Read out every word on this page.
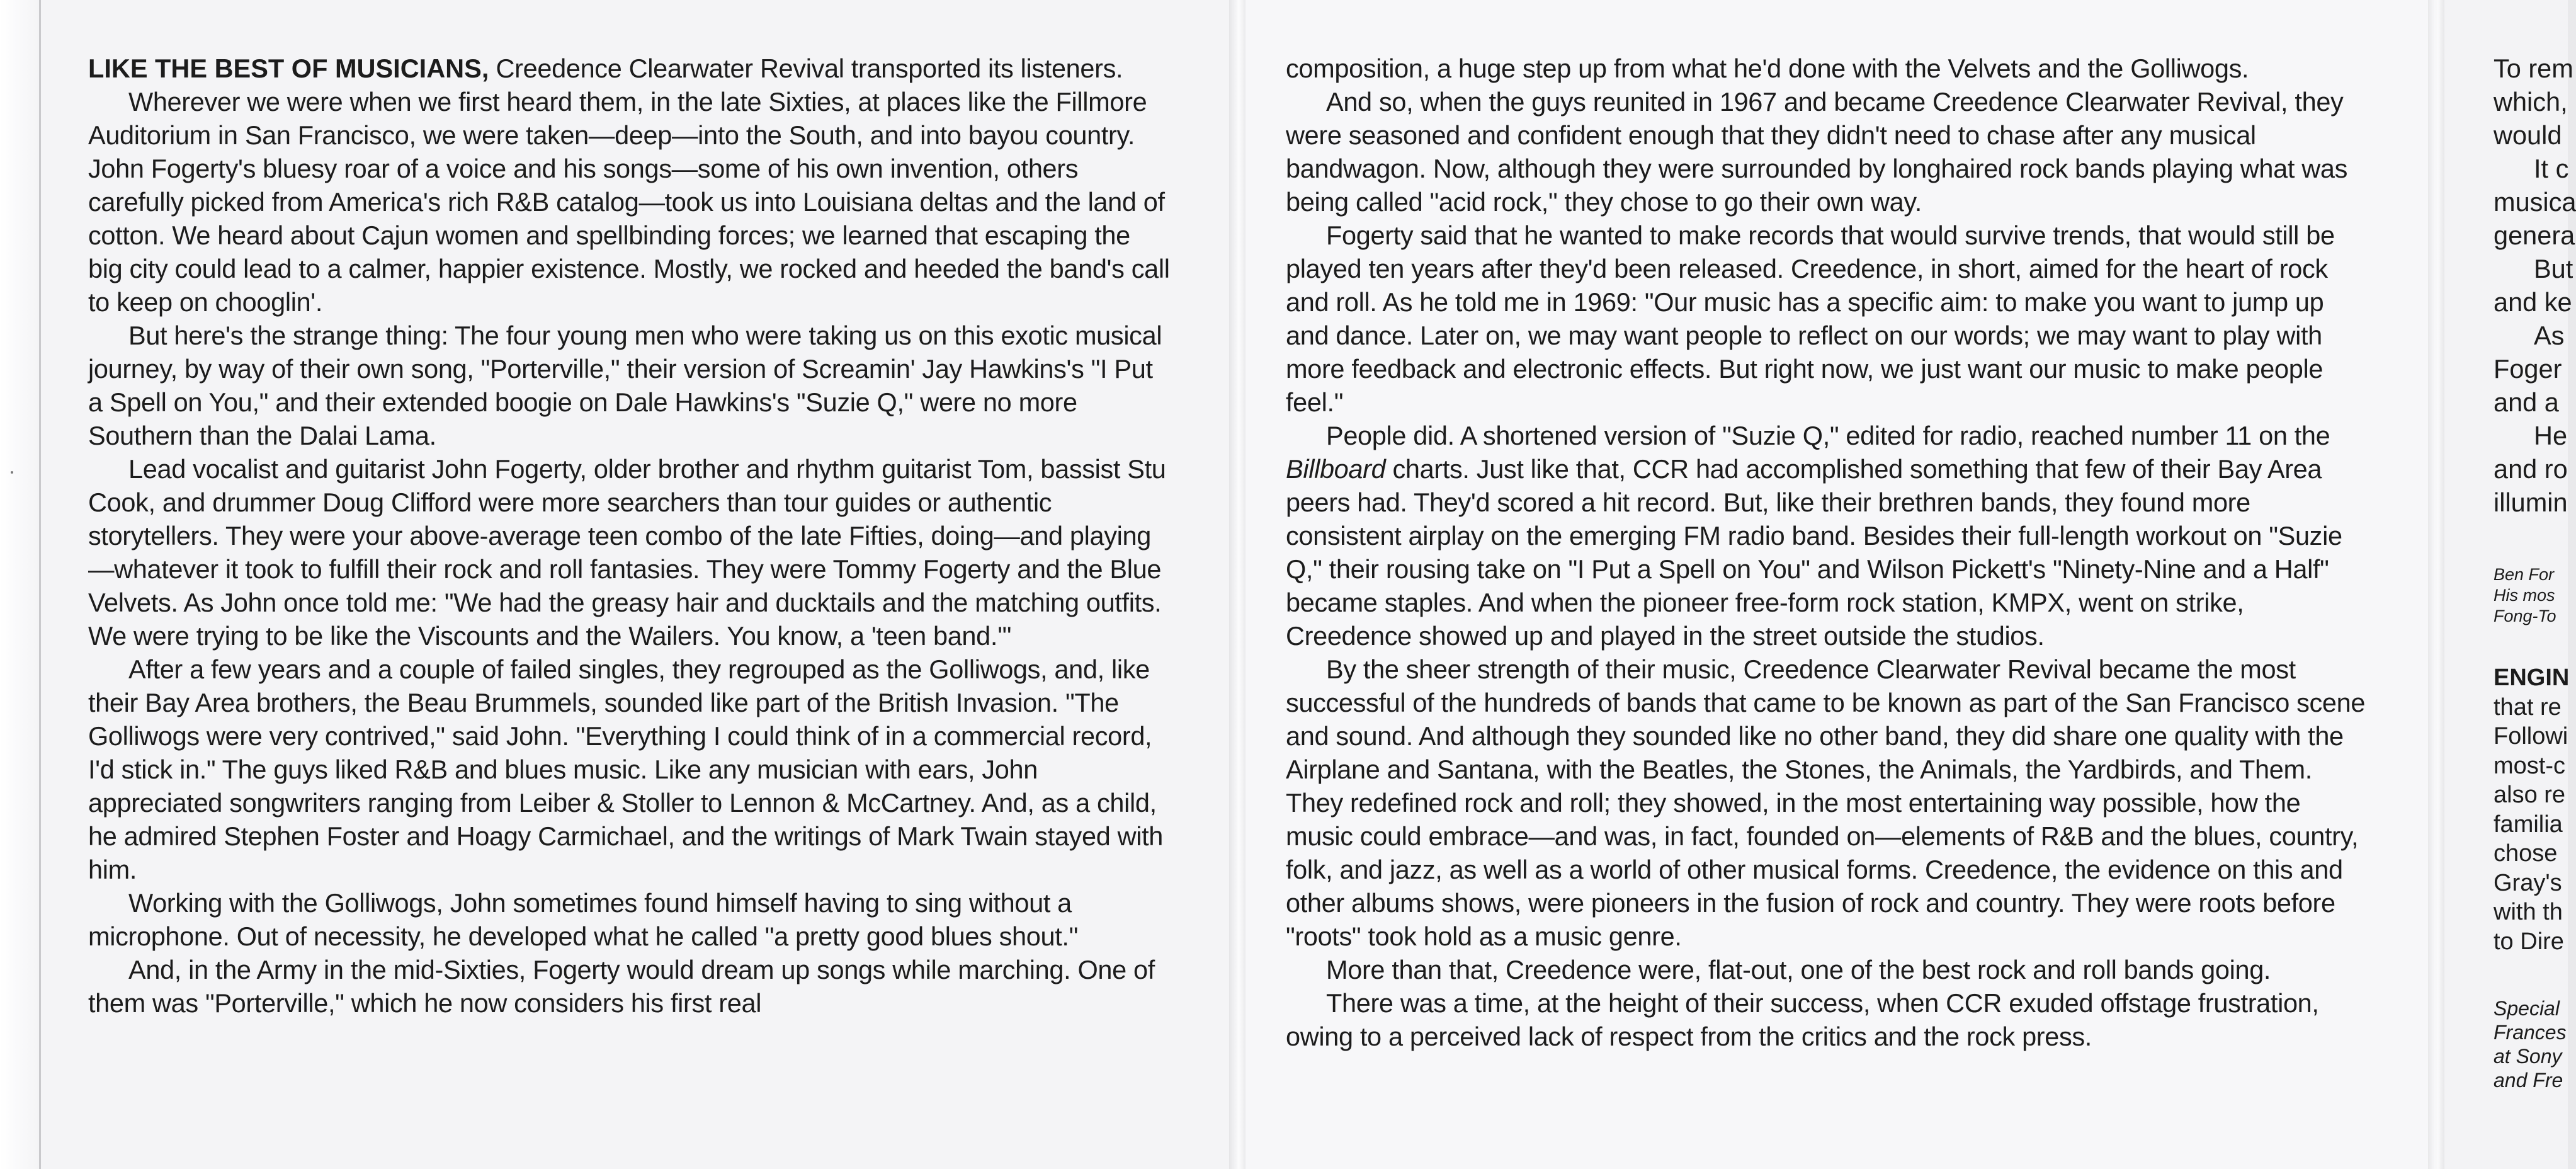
LIKE THE BEST OF MUSICIANS, Creedence Clearwater Revival transported its listeners.

Wherever we were when we first heard them, in the late Sixties, at places like the Fillmore Auditorium in San Francisco, we were taken—deep—into the South, and into bayou country. John Fogerty's bluesy roar of a voice and his songs—some of his own invention, others carefully picked from America's rich R&B catalog—took us into Louisiana deltas and the land of cotton. We heard about Cajun women and spellbinding forces; we learned that escaping the big city could lead to a calmer, happier existence. Mostly, we rocked and heeded the band's call to keep on chooglin'.

But here's the strange thing: The four young men who were taking us on this exotic musical journey, by way of their own song, "Porterville," their version of Screamin' Jay Hawkins's "I Put a Spell on You," and their extended boogie on Dale Hawkins's "Suzie Q," were no more Southern than the Dalai Lama.

Lead vocalist and guitarist John Fogerty, older brother and rhythm guitarist Tom, bassist Stu Cook, and drummer Doug Clifford were more searchers than tour guides or authentic storytellers. They were your above-average teen combo of the late Fifties, doing—and playing—whatever it took to fulfill their rock and roll fantasies. They were Tommy Fogerty and the Blue Velvets. As John once told me: "We had the greasy hair and ducktails and the matching outfits. We were trying to be like the Viscounts and the Wailers. You know, a 'teen band.'"

After a few years and a couple of failed singles, they regrouped as the Golliwogs, and, like their Bay Area brothers, the Beau Brummels, sounded like part of the British Invasion. "The Golliwogs were very contrived," said John. "Everything I could think of in a commercial record, I'd stick in." The guys liked R&B and blues music. Like any musician with ears, John appreciated songwriters ranging from Leiber & Stoller to Lennon & McCartney. And, as a child, he admired Stephen Foster and Hoagy Carmichael, and the writings of Mark Twain stayed with him.

Working with the Golliwogs, John sometimes found himself having to sing without a microphone. Out of necessity, he developed what he called "a pretty good blues shout."

And, in the Army in the mid-Sixties, Fogerty would dream up songs while marching. One of them was "Porterville," which he now considers his first real

composition, a huge step up from what he'd done with the Velvets and the Golliwogs.

And so, when the guys reunited in 1967 and became Creedence Clearwater Revival, they were seasoned and confident enough that they didn't need to chase after any musical bandwagon. Now, although they were surrounded by longhaired rock bands playing what was being called "acid rock," they chose to go their own way.

Fogerty said that he wanted to make records that would survive trends, that would still be played ten years after they'd been released. Creedence, in short, aimed for the heart of rock and roll. As he told me in 1969: "Our music has a specific aim: to make you want to jump up and dance. Later on, we may want people to reflect on our words; we may want to play with more feedback and electronic effects. But right now, we just want our music to make people feel."

People did. A shortened version of "Suzie Q," edited for radio, reached number 11 on the Billboard charts. Just like that, CCR had accomplished something that few of their Bay Area peers had. They'd scored a hit record. But, like their brethren bands, they found more consistent airplay on the emerging FM radio band. Besides their full-length workout on "Suzie Q," their rousing take on "I Put a Spell on You" and Wilson Pickett's "Ninety-Nine and a Half" became staples. And when the pioneer free-form rock station, KMPX, went on strike, Creedence showed up and played in the street outside the studios.

By the sheer strength of their music, Creedence Clearwater Revival became the most successful of the hundreds of bands that came to be known as part of the San Francisco scene and sound. And although they sounded like no other band, they did share one quality with the Airplane and Santana, with the Beatles, the Stones, the Animals, the Yardbirds, and Them. They redefined rock and roll; they showed, in the most entertaining way possible, how the music could embrace—and was, in fact, founded on—elements of R&B and the blues, country, folk, and jazz, as well as a world of other musical forms. Creedence, the evidence on this and other albums shows, were pioneers in the fusion of rock and country. They were roots before "roots" took hold as a music genre.

More than that, Creedence were, flat-out, one of the best rock and roll bands going.

There was a time, at the height of their success, when CCR exuded offstage frustration, owing to a perceived lack of respect from the critics and the rock press.

To rem

which,

would

It c

musica

genera

But

and ke

As

Foger

and a

He

and ro

illumin

Ben For
His mos
Fong-To
ENGIN
that re
Followi
most-c
also re
familia
chose
Gray's
with th
to Dire
Special
Frances
at Sony
and Fre
